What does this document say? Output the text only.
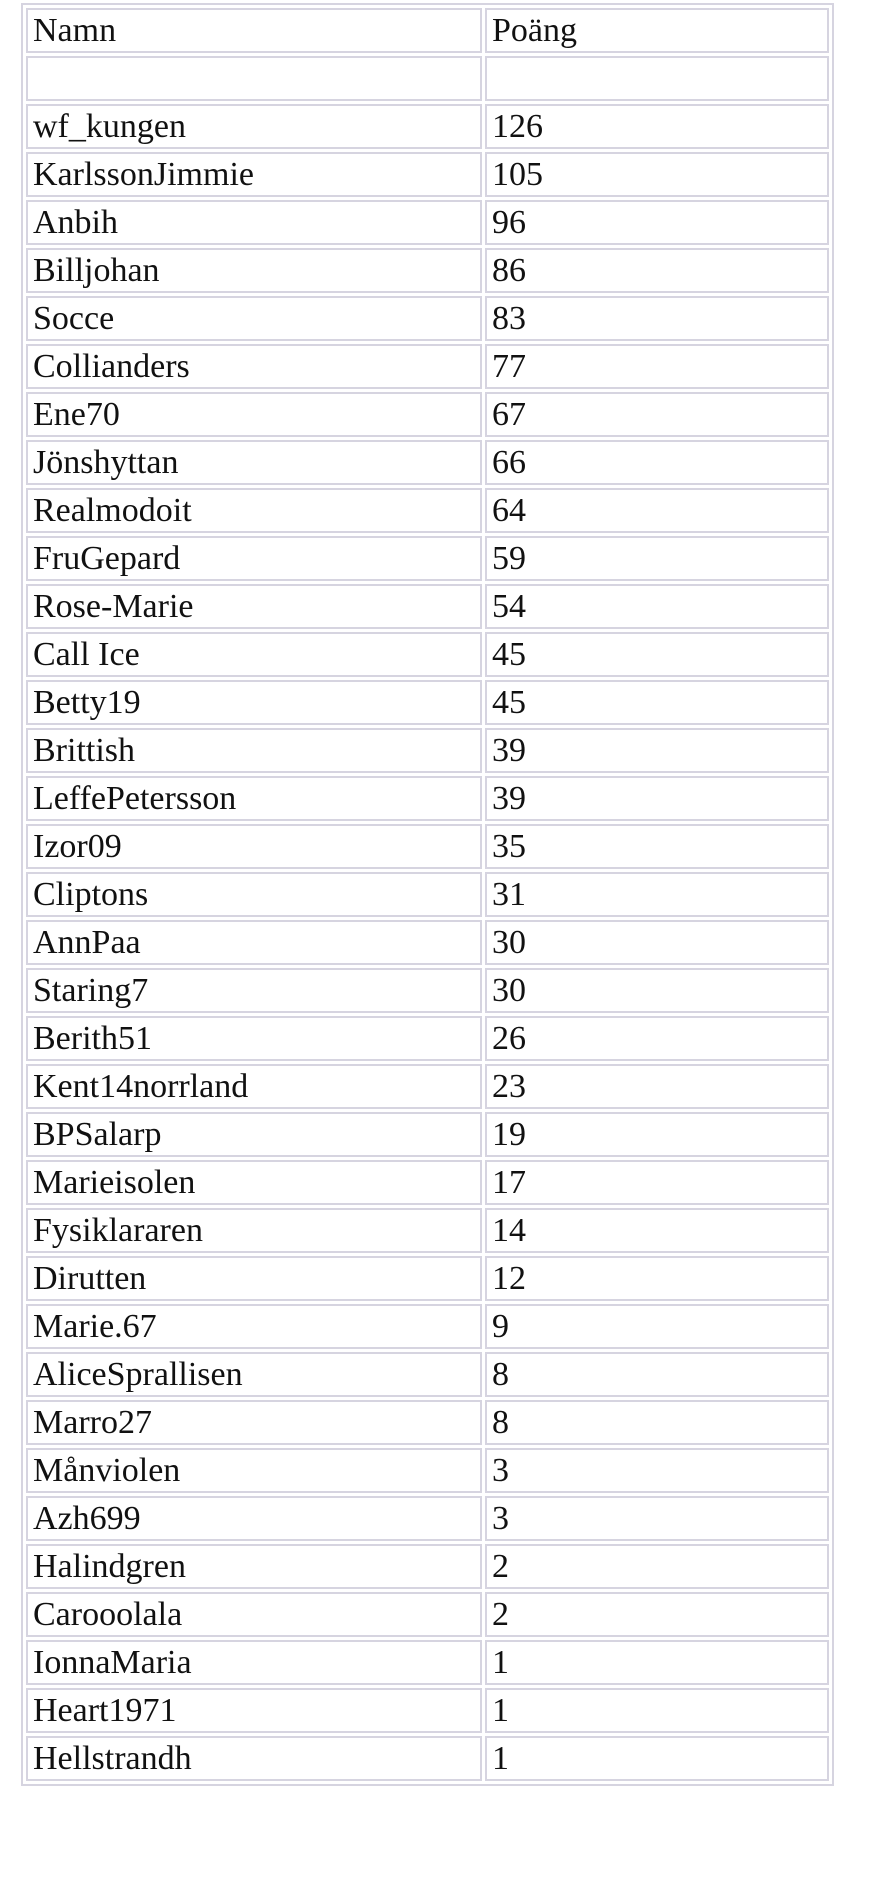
Namn	Poäng

wf_kungen	126
KarlssonJimmie	105
Anbih	96
Billjohan	86
Socce	83
Collianders	77
Ene70	67
Jönshyttan	66
Realmodoit	64
FruGepard	59
Rose-Marie	54
Call Ice	45
Betty19	45
Brittish	39
LeffePetersson	39
Izor09	35
Cliptons	31
AnnPaa	30
Staring7	30
Berith51	26
Kent14norrland	23
BPSalarp	19
Marieisolen	17
Fysiklararen	14
Dirutten	12
Marie.67	9
AliceSprallisen	8
Marro27	8
Månviolen	3
Azh699	3
Halindgren	2
Carooolala	2
IonnaMaria	1
Heart1971	1
Hellstrandh	1
